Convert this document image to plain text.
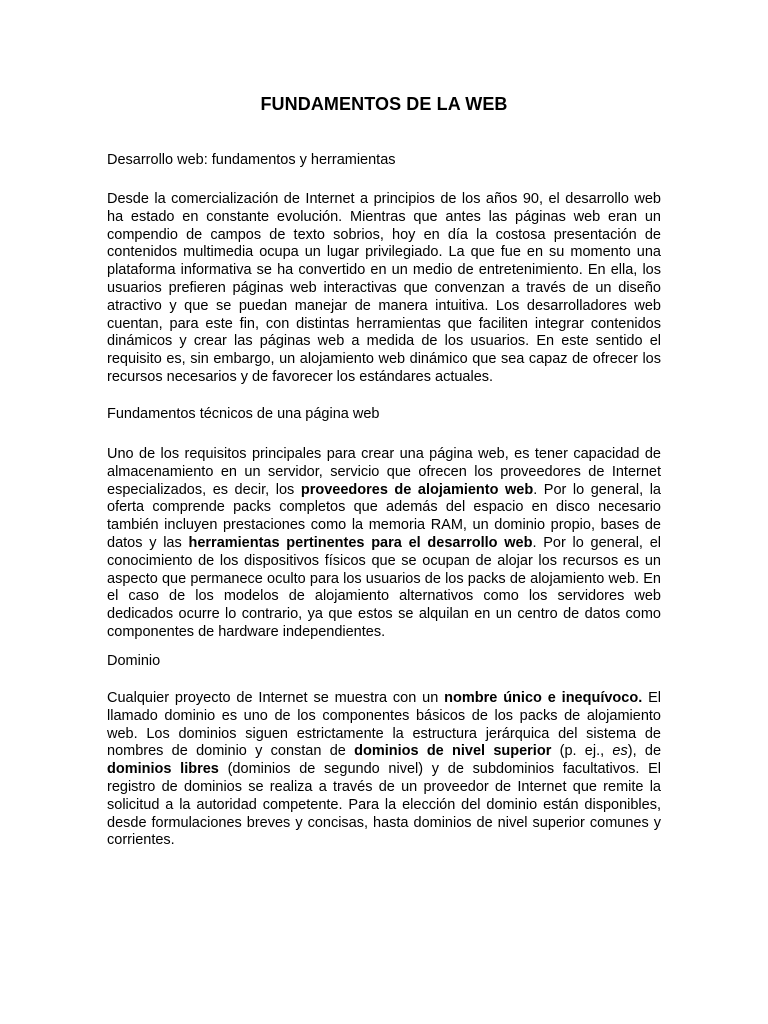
FUNDAMENTOS DE LA WEB

Desarrollo web: fundamentos y herramientas

Desde la comercialización de Internet a principios de los años 90, el desarrollo web ha estado en constante evolución. Mientras que antes las páginas web eran un compendio de campos de texto sobrios, hoy en día la costosa presentación de contenidos multimedia ocupa un lugar privilegiado. La que fue en su momento una plataforma informativa se ha convertido en un medio de entretenimiento. En ella, los usuarios prefieren páginas web interactivas que convenzan a través de un diseño atractivo y que se puedan manejar de manera intuitiva. Los desarrolladores web cuentan, para este fin, con distintas herramientas que faciliten integrar contenidos dinámicos y crear las páginas web a medida de los usuarios. En este sentido el requisito es, sin embargo, un alojamiento web dinámico que sea capaz de ofrecer los recursos necesarios y de favorecer los estándares actuales.

Fundamentos técnicos de una página web

Uno de los requisitos principales para crear una página web, es tener capacidad de almacenamiento en un servidor, servicio que ofrecen los proveedores de Internet especializados, es decir, los proveedores de alojamiento web. Por lo general, la oferta comprende packs completos que además del espacio en disco necesario también incluyen prestaciones como la memoria RAM, un dominio propio, bases de datos y las herramientas pertinentes para el desarrollo web. Por lo general, el conocimiento de los dispositivos físicos que se ocupan de alojar los recursos es un aspecto que permanece oculto para los usuarios de los packs de alojamiento web. En el caso de los modelos de alojamiento alternativos como los servidores web dedicados ocurre lo contrario, ya que estos se alquilan en un centro de datos como componentes de hardware independientes.

Dominio

Cualquier proyecto de Internet se muestra con un nombre único e inequívoco. El llamado dominio es uno de los componentes básicos de los packs de alojamiento web. Los dominios siguen estrictamente la estructura jerárquica del sistema de nombres de dominio y constan de dominios de nivel superior (p. ej., es), de dominios libres (dominios de segundo nivel) y de subdominios facultativos. El registro de dominios se realiza a través de un proveedor de Internet que remite la solicitud a la autoridad competente. Para la elección del dominio están disponibles, desde formulaciones breves y concisas, hasta dominios de nivel superior comunes y corrientes.
